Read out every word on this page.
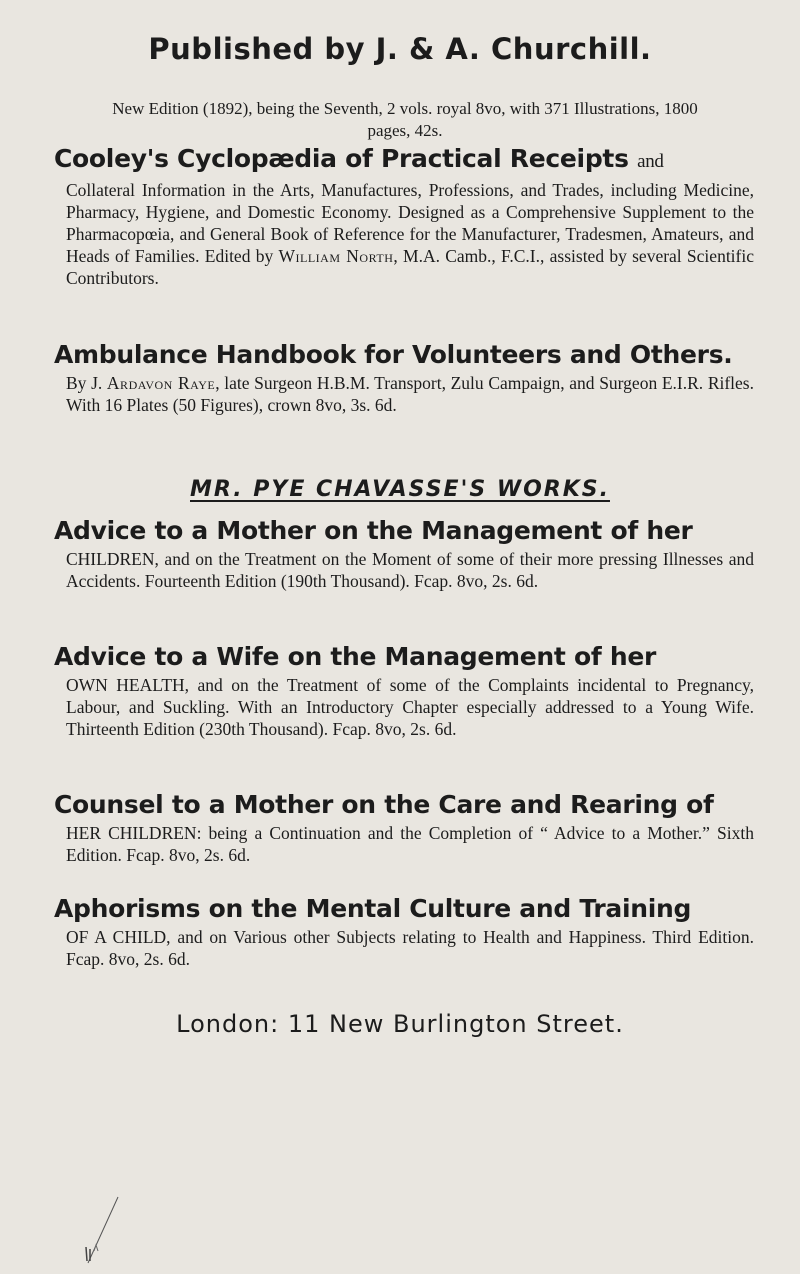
Published by J. & A. Churchill.
New Edition (1892), being the Seventh, 2 vols. royal 8vo, with 371 Illustrations, 1800 pages, 42s.
Cooley's Cyclopædia of Practical Receipts and
Collateral Information in the Arts, Manufactures, Professions, and Trades, including Medicine, Pharmacy, Hygiene, and Domestic Economy. Designed as a Comprehensive Supplement to the Pharmacopœia, and General Book of Reference for the Manufacturer, Tradesmen, Amateurs, and Heads of Families. Edited by William North, M.A. Camb., F.C.I., assisted by several Scientific Contributors.
Ambulance Handbook for Volunteers and Others.
By J. Ardavon Raye, late Surgeon H.B.M. Transport, Zulu Campaign, and Surgeon E.I.R. Rifles. With 16 Plates (50 Figures), crown 8vo, 3s. 6d.
MR. PYE CHAVASSE'S WORKS.
Advice to a Mother on the Management of her
CHILDREN, and on the Treatment on the Moment of some of their more pressing Illnesses and Accidents. Fourteenth Edition (190th Thousand). Fcap. 8vo, 2s. 6d.
Advice to a Wife on the Management of her
OWN HEALTH, and on the Treatment of some of the Complaints incidental to Pregnancy, Labour, and Suckling. With an Introductory Chapter especially addressed to a Young Wife. Thirteenth Edition (230th Thousand). Fcap. 8vo, 2s. 6d.
Counsel to a Mother on the Care and Rearing of
HER CHILDREN: being a Continuation and the Completion of “ Advice to a Mother.” Sixth Edition. Fcap. 8vo, 2s. 6d.
Aphorisms on the Mental Culture and Training
OF A CHILD, and on Various other Subjects relating to Health and Happiness. Third Edition. Fcap. 8vo, 2s. 6d.
London: 11 New Burlington Street.
